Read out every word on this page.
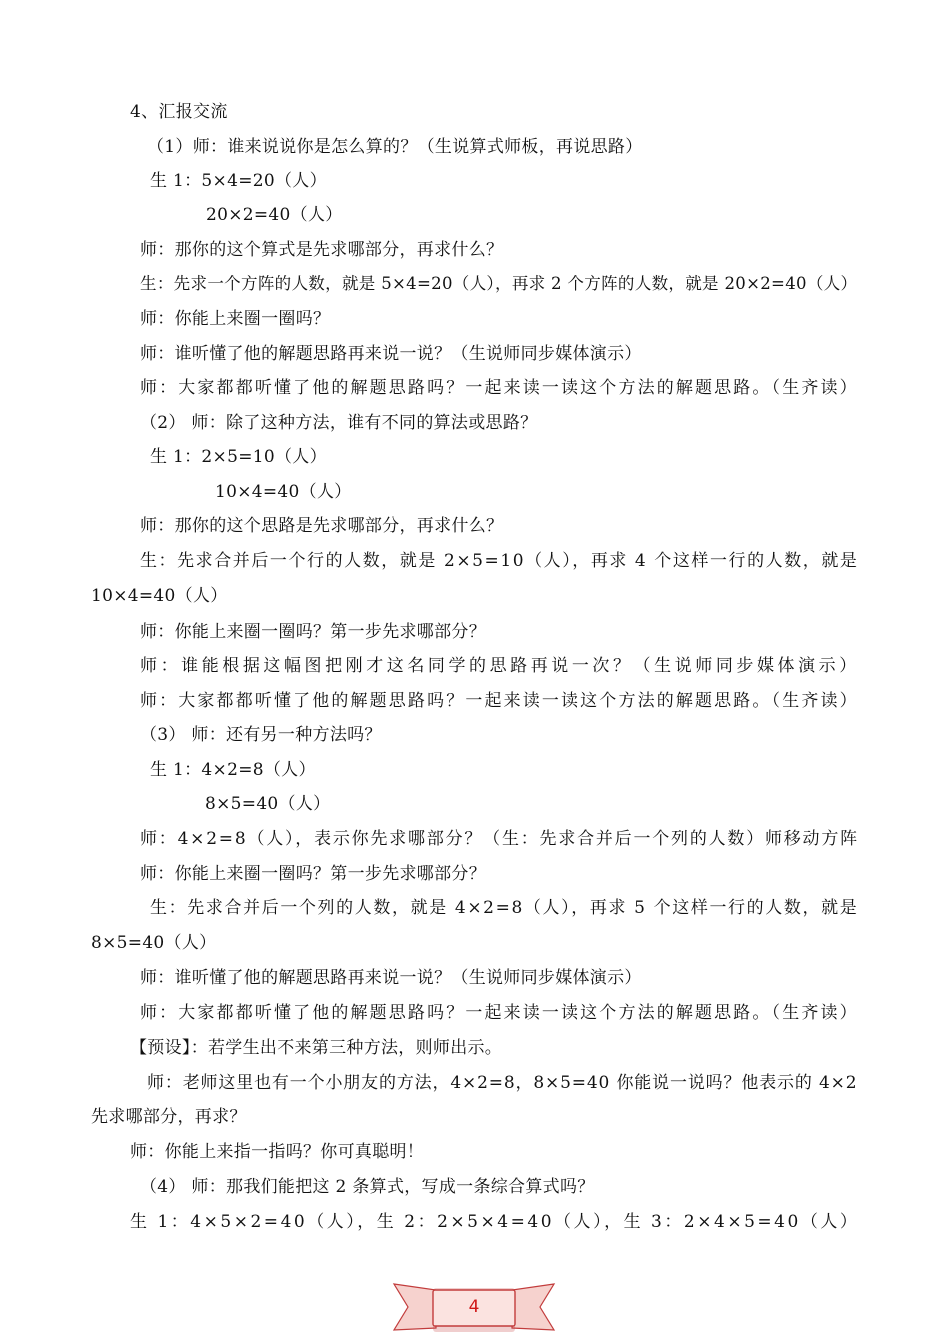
4、汇报交流
（1）师：谁来说说你是怎么算的？（生说算式师板，再说思路）
生 1：5×4=20（人）
20×2=40（人）
师：那你的这个算式是先求哪部分，再求什么？
生：先求一个方阵的人数，就是 5×4=20（人），再求 2 个方阵的人数，就是 20×2=40（人）
师：你能上来圈一圈吗？
师：谁听懂了他的解题思路再来说一说？（生说师同步媒体演示）
师：大家都都听懂了他的解题思路吗？一起来读一读这个方法的解题思路。（生齐读）
（2） 师：除了这种方法，谁有不同的算法或思路？
生 1：2×5=10（人）
10×4=40（人）
师：那你的这个思路是先求哪部分，再求什么？
生：先求合并后一个行的人数，就是 2×5=10（人），再求 4 个这样一行的人数，就是
10×4=40（人）
师：你能上来圈一圈吗？第一步先求哪部分？
师：谁能根据这幅图把刚才这名同学的思路再说一次？（生说师同步媒体演示）
师：大家都都听懂了他的解题思路吗？一起来读一读这个方法的解题思路。（生齐读）
（3） 师：还有另一种方法吗？
生 1：4×2=8（人）
8×5=40（人）
师：4×2=8（人），表示你先求哪部分？（生：先求合并后一个列的人数）师移动方阵
师：你能上来圈一圈吗？第一步先求哪部分？
生：先求合并后一个列的人数，就是 4×2=8（人），再求 5 个这样一行的人数，就是
8×5=40（人）
师：谁听懂了他的解题思路再来说一说？（生说师同步媒体演示）
师：大家都都听懂了他的解题思路吗？一起来读一读这个方法的解题思路。（生齐读）
【预设】：若学生出不来第三种方法，则师出示。
师：老师这里也有一个小朋友的方法，4×2=8，8×5=40 你能说一说吗？他表示的 4×2
先求哪部分，再求？
师：你能上来指一指吗？你可真聪明！
（4） 师：那我们能把这 2 条算式，写成一条综合算式吗？
生 1：4×5×2=40（人），生 2：2×5×4=40（人），生 3：2×4×5=40（人）
4
